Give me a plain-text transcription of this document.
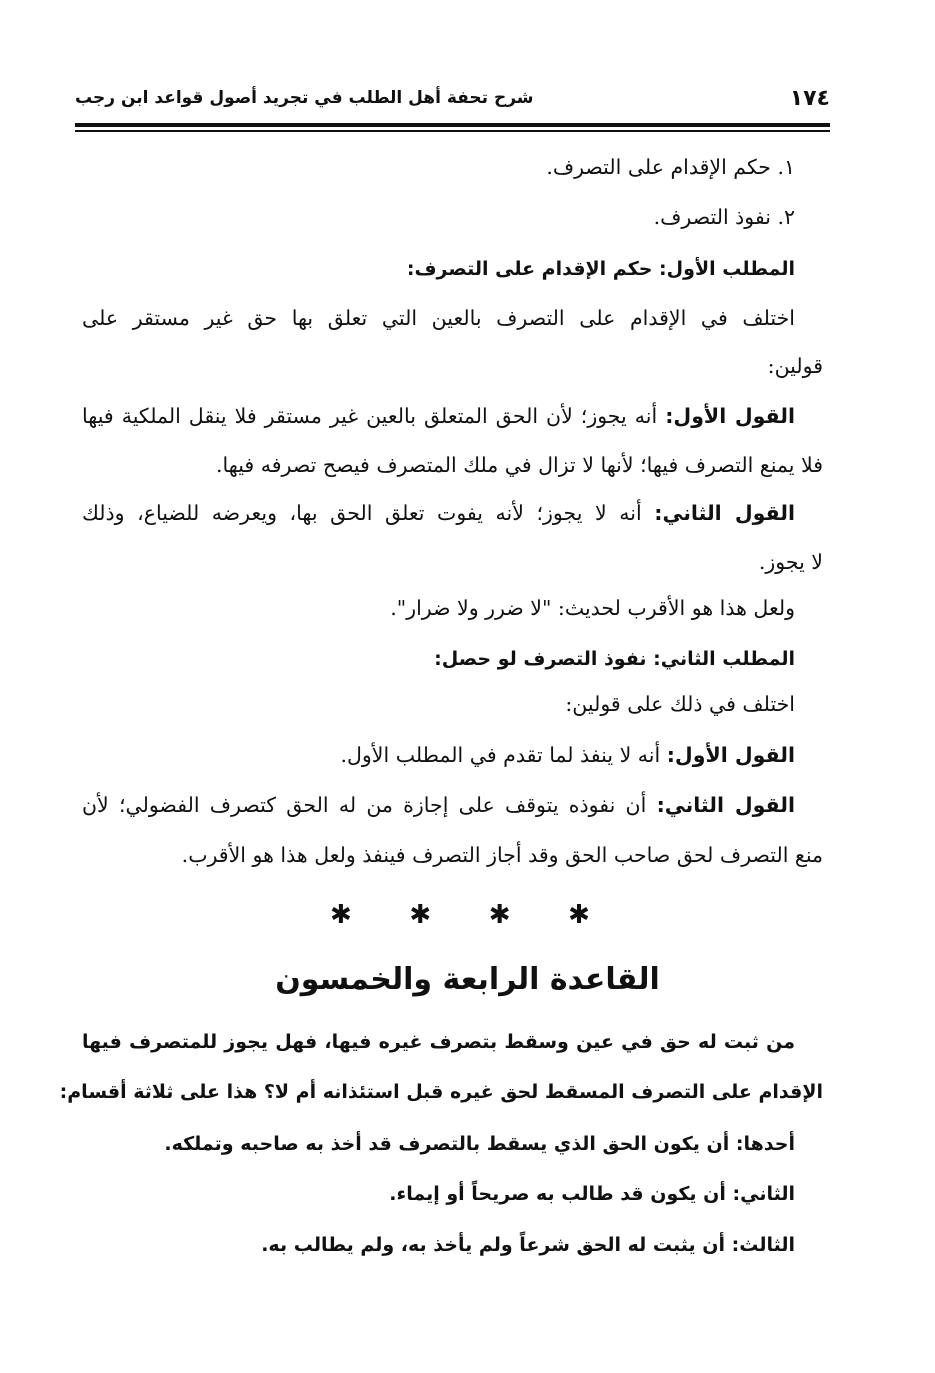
١٧٤
شرح تحفة أهل الطلب في تجريد أصول قواعد ابن رجب
١. حكم الإقدام على التصرف.
٢. نفوذ التصرف.
المطلب الأول: حكم الإقدام على التصرف:
اختلف في الإقدام على التصرف بالعين التي تعلق بها حق غير مستقر على
قولين:
القول الأول: أنه يجوز؛ لأن الحق المتعلق بالعين غير مستقر فلا ينقل الملكية فيها
فلا يمنع التصرف فيها؛ لأنها لا تزال في ملك المتصرف فيصح تصرفه فيها.
القول الثاني: أنه لا يجوز؛ لأنه يفوت تعلق الحق بها، ويعرضه للضياع، وذلك
لا يجوز.
ولعل هذا هو الأقرب لحديث: "لا ضرر ولا ضرار".
المطلب الثاني: نفوذ التصرف لو حصل:
اختلف في ذلك على قولين:
القول الأول: أنه لا ينفذ لما تقدم في المطلب الأول.
القول الثاني: أن نفوذه يتوقف على إجازة من له الحق كتصرف الفضولي؛ لأن
منع التصرف لحق صاحب الحق وقد أجاز التصرف فينفذ ولعل هذا هو الأقرب.
✱ ✱ ✱ ✱
القاعدة الرابعة والخمسون
من ثبت له حق في عين وسقط بتصرف غيره فيها، فهل يجوز للمتصرف فيها
الإقدام على التصرف المسقط لحق غيره قبل استئذانه أم لا؟ هذا على ثلاثة أقسام:
أحدها: أن يكون الحق الذي يسقط بالتصرف قد أخذ به صاحبه وتملكه.
الثاني: أن يكون قد طالب به صريحاً أو إيماء.
الثالث: أن يثبت له الحق شرعاً ولم يأخذ به، ولم يطالب به.
